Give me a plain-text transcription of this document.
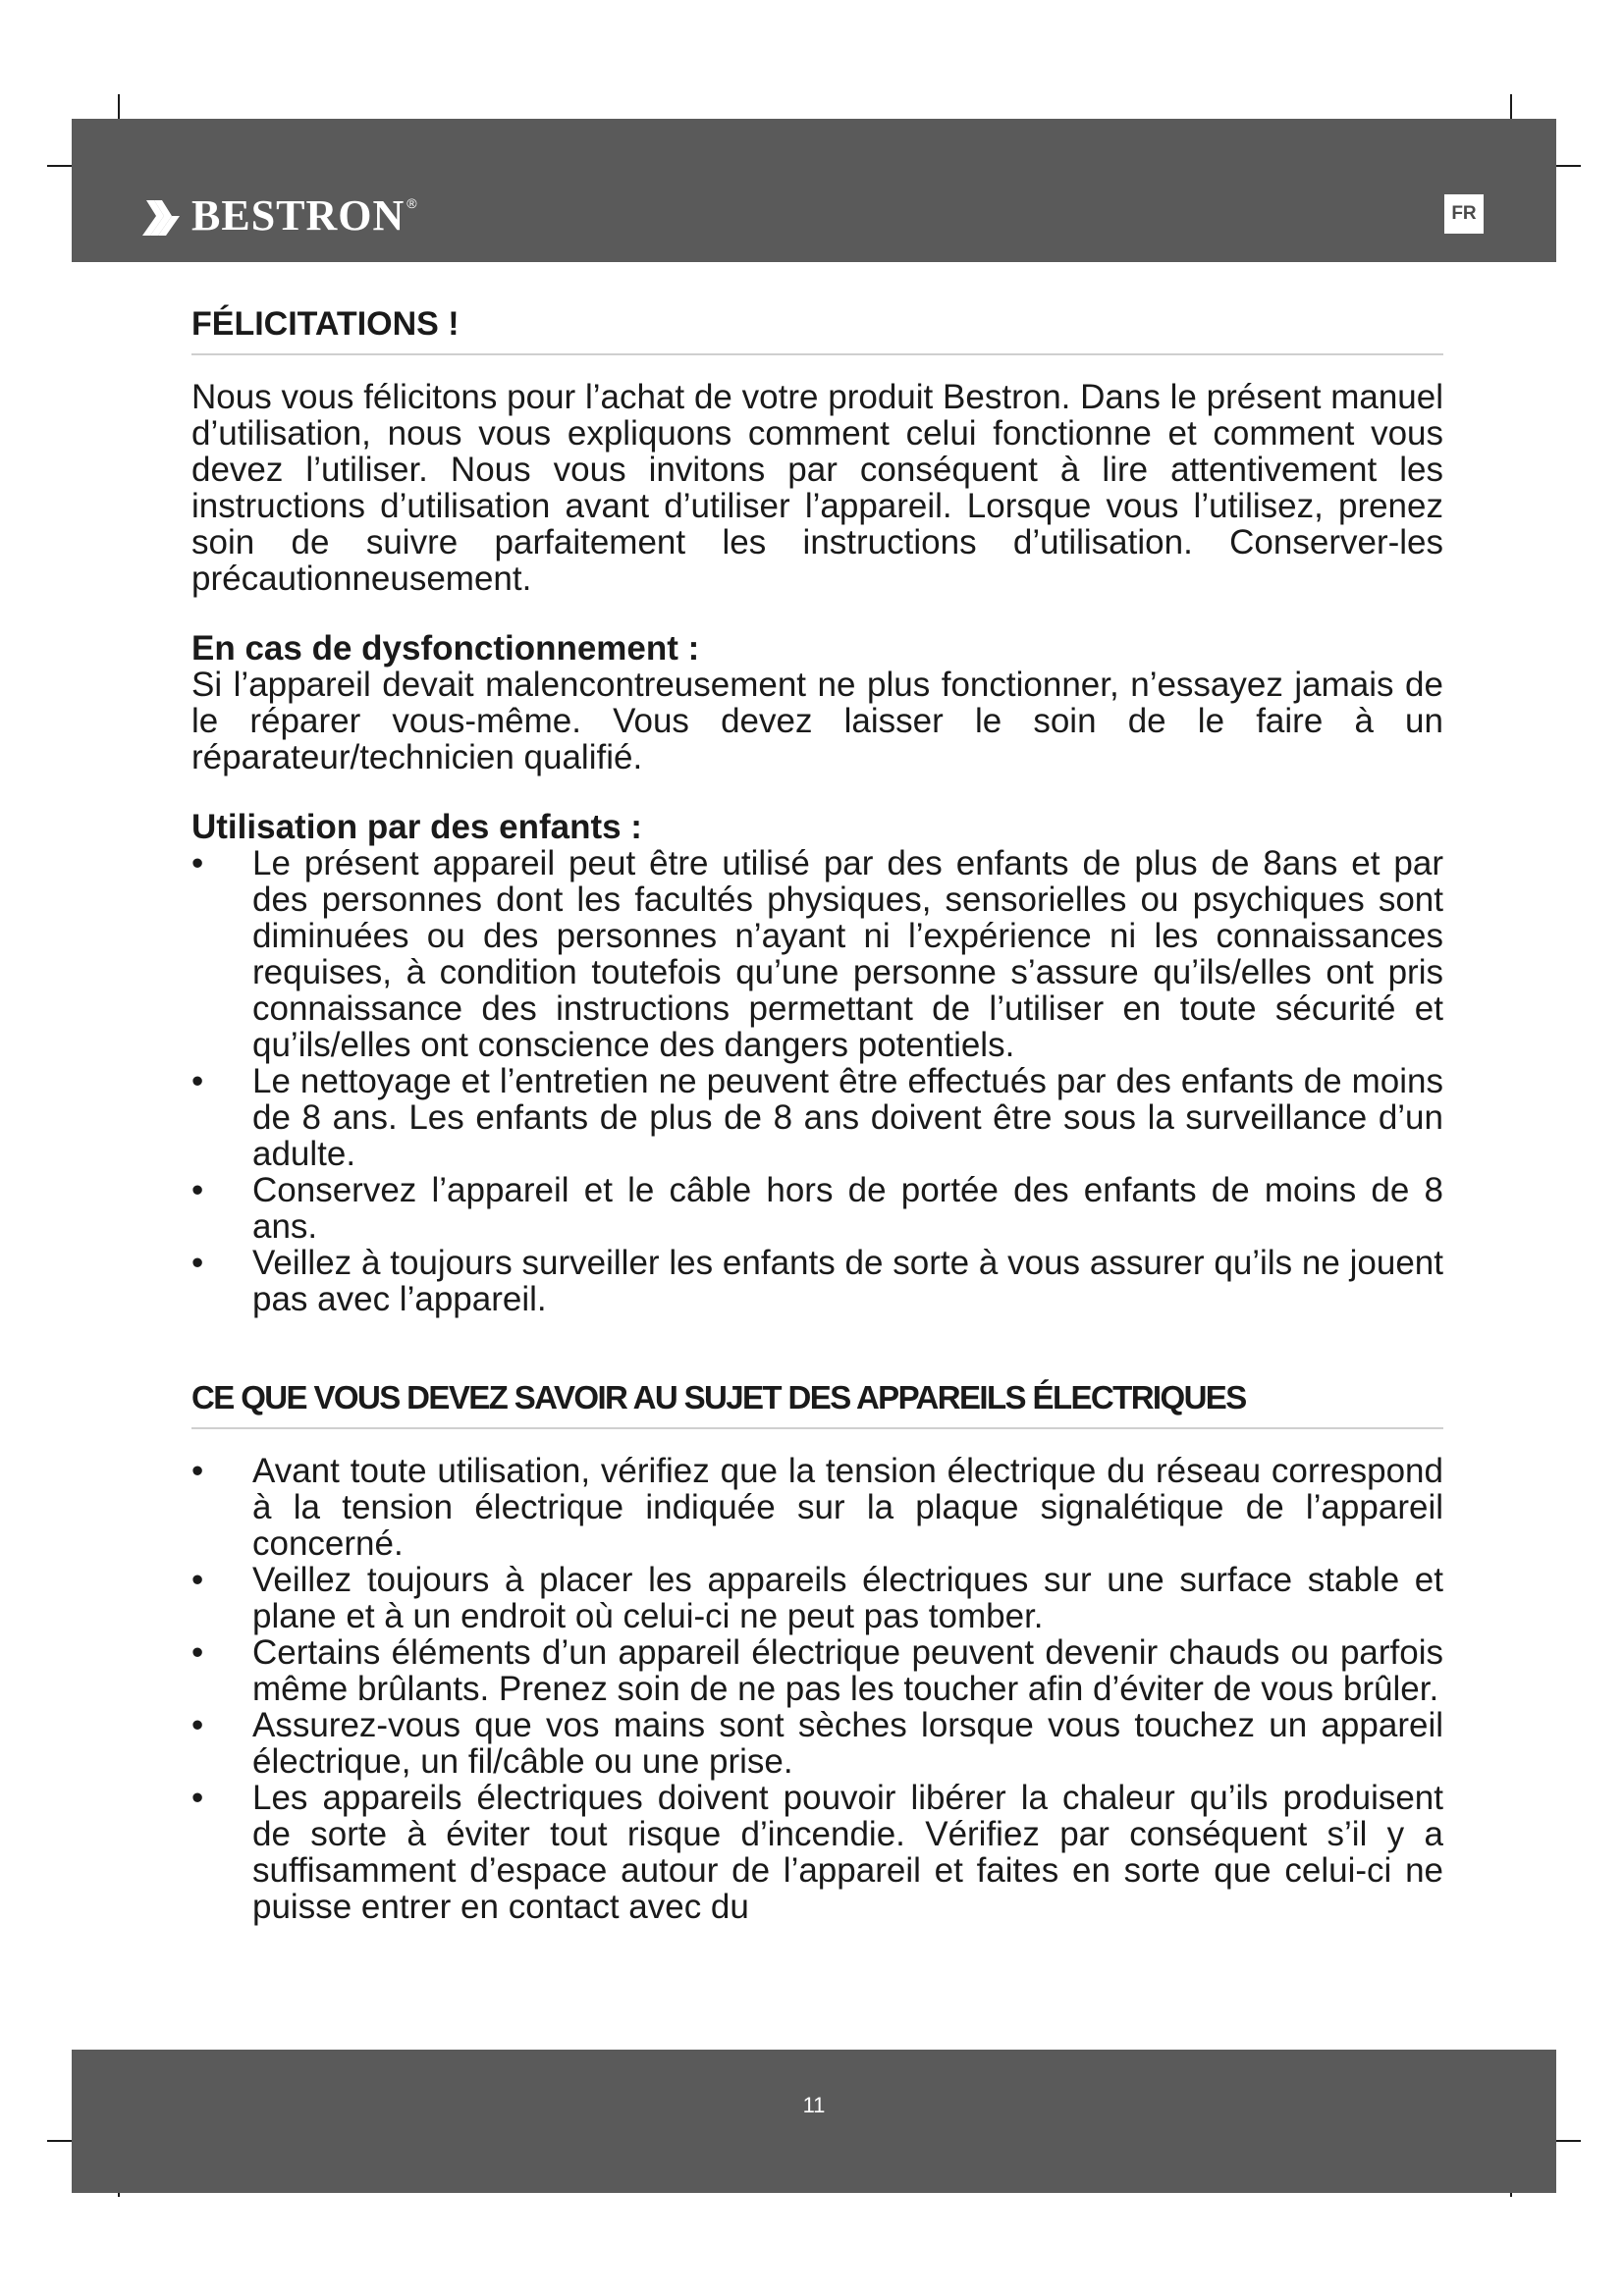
BESTRON ®	FR
FÉLICITATIONS !

Nous vous félicitons pour l’achat de votre produit Bestron. Dans le présent manuel d’utilisation, nous vous expliquons comment celui fonctionne et comment vous devez l’utiliser. Nous vous invitons par conséquent à lire attentivement les instructions d’utilisation avant d’utiliser l’appareil. Lorsque vous l’utilisez, prenez soin de suivre parfaitement les instructions d’utilisation. Conserver-les précautionneusement.

En cas de dysfonctionnement :

Si l’appareil devait malencontreusement ne plus fonctionner, n’essayez jamais de le réparer vous-même. Vous devez laisser le soin de le faire à un réparateur/technicien qualifié.

Utilisation par des enfants :

• Le présent appareil peut être utilisé par des enfants de plus de 8ans et par des personnes dont les facultés physiques, sensorielles ou psychiques sont diminuées ou des personnes n’ayant ni l’expérience ni les connaissances requises, à condition toutefois qu’une personne s’assure qu’ils/elles ont pris connaissance des instructions permettant de l’utiliser en toute sécurité et qu’ils/elles ont conscience des dangers potentiels.
• Le nettoyage et l’entretien ne peuvent être effectués par des enfants de moins de 8 ans. Les enfants de plus de 8 ans doivent être sous la surveillance d’un adulte.
• Conservez l’appareil et le câble hors de portée des enfants de moins de 8 ans.
• Veillez à toujours surveiller les enfants de sorte à vous assurer qu’ils ne jouent pas avec l’appareil.
CE QUE VOUS DEVEZ SAVOIR AU SUJET DES APPAREILS ÉLECTRIQUES
• Avant toute utilisation, vérifiez que la tension électrique du réseau correspond à la tension électrique indiquée sur la plaque signalétique de l’appareil concerné.
• Veillez toujours à placer les appareils électriques sur une surface stable et plane et à un endroit où celui-ci ne peut pas tomber.
• Certains éléments d’un appareil électrique peuvent devenir chauds ou parfois même brûlants. Prenez soin de ne pas les toucher afin d’éviter de vous brûler.
• Assurez-vous que vos mains sont sèches lorsque vous touchez un appareil électrique, un fil/câble ou une prise.
• Les appareils électriques doivent pouvoir libérer la chaleur qu’ils produisent de sorte à éviter tout risque d’incendie. Vérifiez par conséquent s’il y a suffisamment d’espace autour de l’appareil et faites en sorte que celui-ci ne puisse entrer en contact avec du
11
